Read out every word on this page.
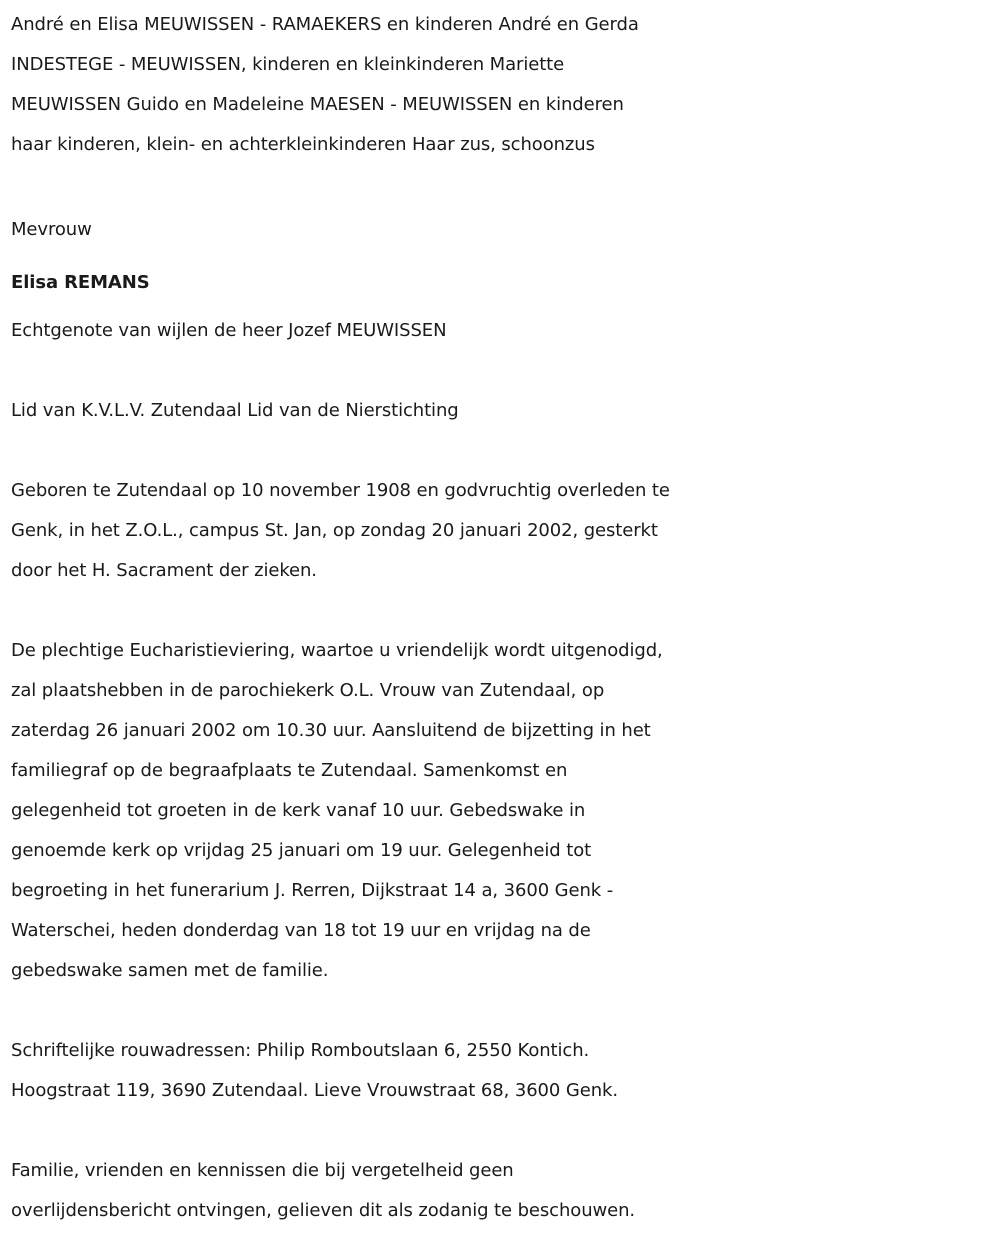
André en Elisa MEUWISSEN - RAMAEKERS en kinderen André en Gerda
INDESTEGE - MEUWISSEN, kinderen en kleinkinderen Mariette
MEUWISSEN Guido en Madeleine MAESEN - MEUWISSEN en kinderen
haar kinderen, klein- en achterkleinkinderen Haar zus, schoonzus
Mevrouw
Elisa REMANS
Echtgenote van wijlen de heer Jozef MEUWISSEN
Lid van K.V.L.V. Zutendaal Lid van de Nierstichting
Geboren te Zutendaal op 10 november 1908 en godvruchtig overleden te
Genk, in het Z.O.L., campus St. Jan, op zondag 20 januari 2002, gesterkt
door het H. Sacrament der zieken.
De plechtige Eucharistieviering, waartoe u vriendelijk wordt uitgenodigd,
zal plaatshebben in de parochiekerk O.L. Vrouw van Zutendaal, op
zaterdag 26 januari 2002 om 10.30 uur. Aansluitend de bijzetting in het
familiegraf op de begraafplaats te Zutendaal. Samenkomst en
gelegenheid tot groeten in de kerk vanaf 10 uur. Gebedswake in
genoemde kerk op vrijdag 25 januari om 19 uur. Gelegenheid tot
begroeting in het funerarium J. Rerren, Dijkstraat 14 a, 3600 Genk -
Waterschei, heden donderdag van 18 tot 19 uur en vrijdag na de
gebedswake samen met de familie.
Schriftelijke rouwadressen: Philip Romboutslaan 6, 2550 Kontich.
Hoogstraat 119, 3690 Zutendaal. Lieve Vrouwstraat 68, 3600 Genk.
Familie, vrienden en kennissen die bij vergetelheid geen
overlijdensbericht ontvingen, gelieven dit als zodanig te beschouwen.
